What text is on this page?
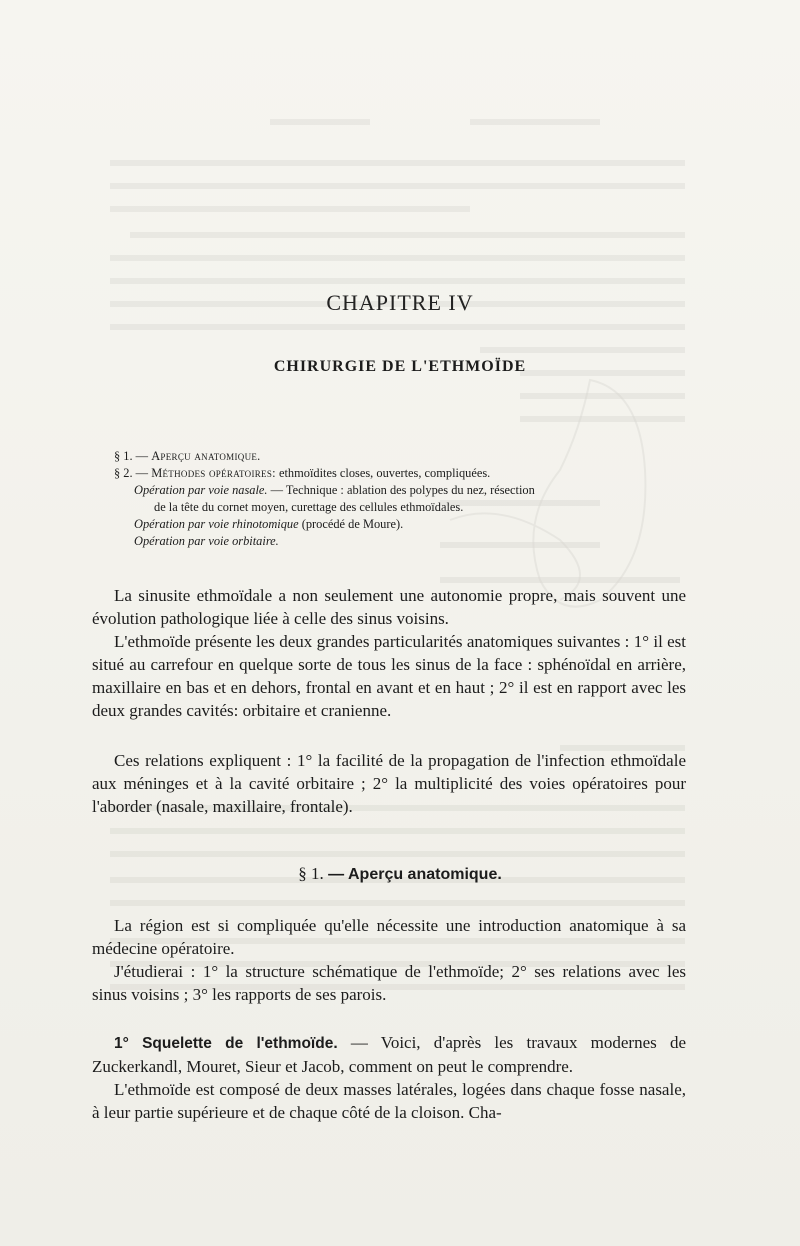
CHAPITRE IV
CHIRURGIE DE L'ETHMOÏDE
§ 1. — Aperçu anatomique.
§ 2. — Méthodes opératoires: ethmoïdites closes, ouvertes, compliquées.
Opération par voie nasale. — Technique : ablation des polypes du nez, résection
de la tête du cornet moyen, curettage des cellules ethmoïdales.
Opération par voie rhinotomique (procédé de Moure).
Opération par voie orbitaire.

La sinusite ethmoïdale a non seulement une autonomie propre, mais souvent une évolution pathologique liée à celle des sinus voisins.

L'ethmoïde présente les deux grandes particularités anatomiques suivantes : 1° il est situé au carrefour en quelque sorte de tous les sinus de la face : sphénoïdal en arrière, maxillaire en bas et en dehors, frontal en avant et en haut ; 2° il est en rapport avec les deux grandes cavités: orbitaire et cranienne.

Ces relations expliquent : 1° la facilité de la propagation de l'infection ethmoïdale aux méninges et à la cavité orbitaire ; 2° la multiplicité des voies opératoires pour l'aborder (nasale, maxillaire, frontale).

§ 1. — Aperçu anatomique.

La région est si compliquée qu'elle nécessite une introduction anatomique à sa médecine opératoire.

J'étudierai : 1° la structure schématique de l'ethmoïde; 2° ses relations avec les sinus voisins ; 3° les rapports de ses parois.

1° Squelette de l'ethmoïde. — Voici, d'après les travaux modernes de Zuckerkandl, Mouret, Sieur et Jacob, comment on peut le comprendre.

L'ethmoïde est composé de deux masses latérales, logées dans chaque fosse nasale, à leur partie supérieure et de chaque côté de la cloison. Cha-
